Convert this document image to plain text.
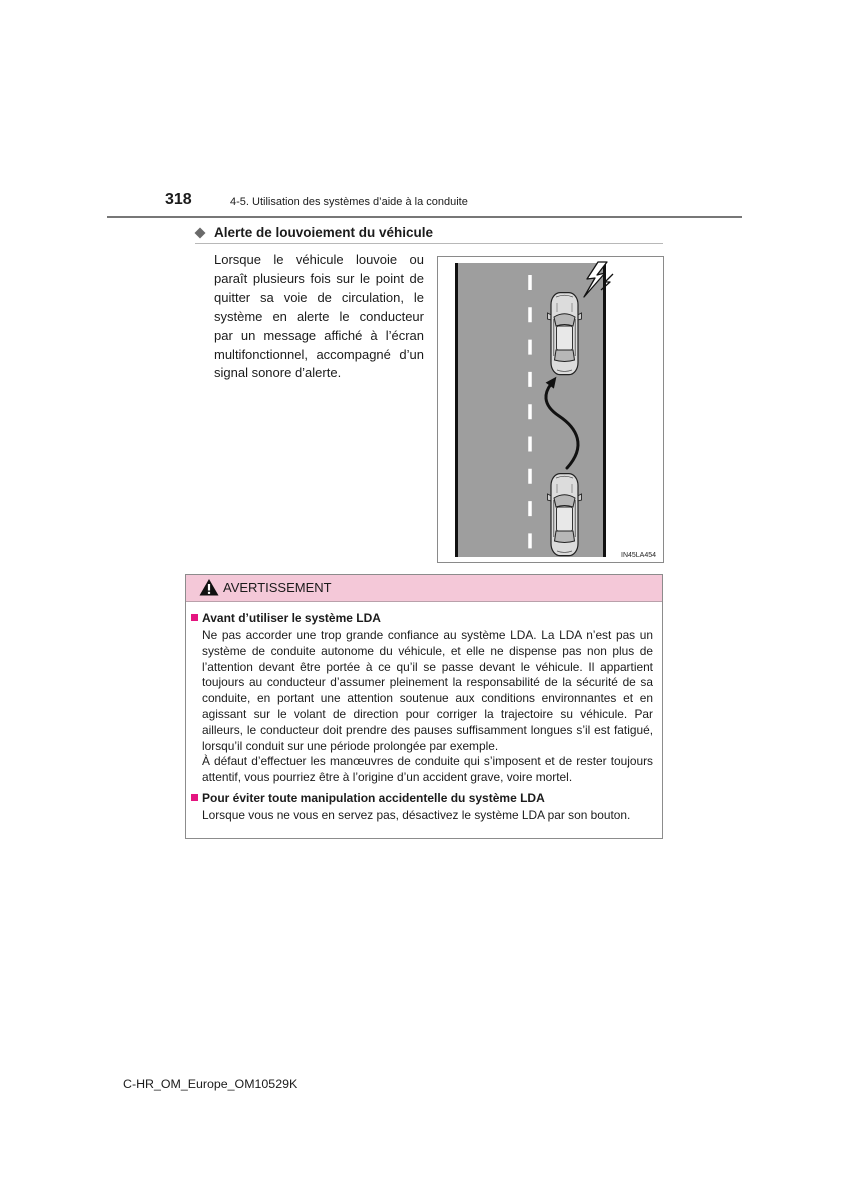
318	4-5. Utilisation des systèmes d’aide à la conduite
Alerte de louvoiement du véhicule
Lorsque le véhicule louvoie ou
paraît plusieurs fois sur le point de
quitter sa voie de circulation, le
système en alerte le conducteur
par un message affiché à l’écran
multifonctionnel, accompagné d’un
signal sonore d’alerte.
IN45LA454
AVERTISSEMENT
Avant d’utiliser le système LDA
Ne pas accorder une trop grande confiance au système LDA. La LDA n’est pas un
système de conduite autonome du véhicule, et elle ne dispense pas non plus de
l’attention devant être portée à ce qu’il se passe devant le véhicule. Il appartient
toujours au conducteur d’assumer pleinement la responsabilité de la sécurité de sa
conduite, en portant une attention soutenue aux conditions environnantes et en
agissant sur le volant de direction pour corriger la trajectoire su véhicule. Par
ailleurs, le conducteur doit prendre des pauses suffisamment longues s’il est fatigué,
lorsqu’il conduit sur une période prolongée par exemple.
À défaut d’effectuer les manœuvres de conduite qui s’imposent et de rester toujours
attentif, vous pourriez être à l’origine d’un accident grave, voire mortel.
Pour éviter toute manipulation accidentelle du système LDA
Lorsque vous ne vous en servez pas, désactivez le système LDA par son bouton.
C-HR_OM_Europe_OM10529K
